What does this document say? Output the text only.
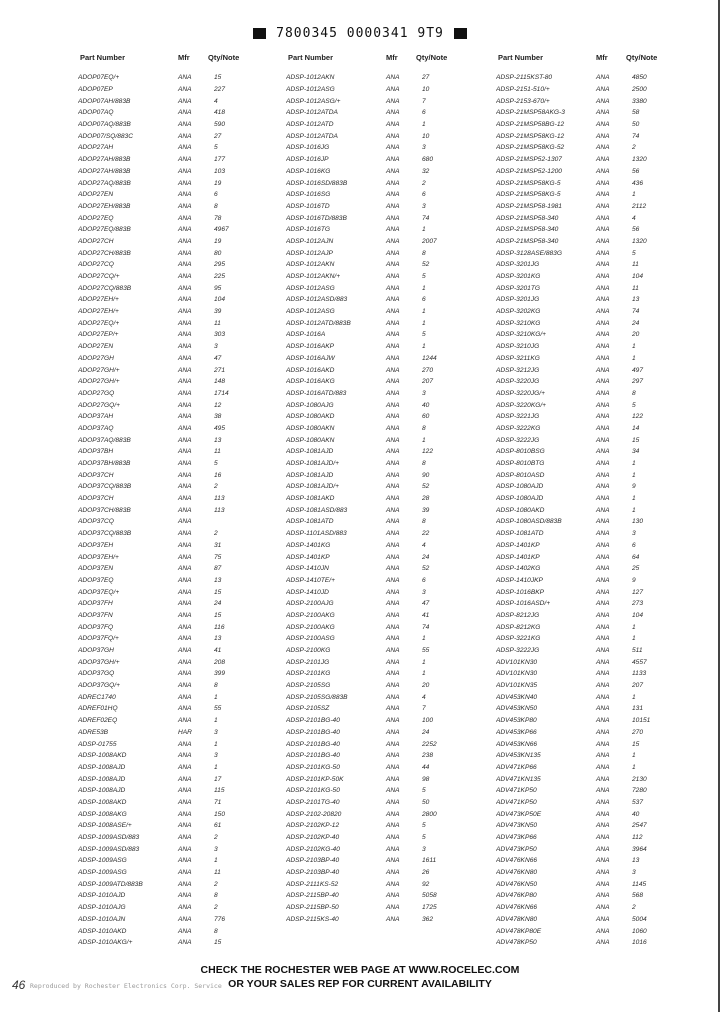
7800345 0000341 9T9
Part Number	Mfr	Qty/Note
ADOP07EQ/+	ANA	15
ADOP07EP	ANA	227
ADOP07AH/883B	ANA	4
ADOP07AQ	ANA	418
ADOP07AQ/883B	ANA	590
ADOP07/SQ/883C	ANA	27
ADOP27AH	ANA	5
ADOP27AH/883B	ANA	177
ADOP27AH/883B	ANA	103
ADOP27AQ/883B	ANA	19
ADOP27EN	ANA	6
ADOP27EH/883B	ANA	8
ADOP27EQ	ANA	78
ADOP27EQ/883B	ANA	4967
ADOP27CH	ANA	19
ADOP27CH/883B	ANA	80
ADOP27CQ	ANA	295
ADOP27CQ/+	ANA	225
ADOP27CQ/883B	ANA	95
ADOP27EH/+	ANA	104
ADOP27EH/+	ANA	39
ADOP27EQ/+	ANA	11
ADOP27EP/+	ANA	303
ADOP27EN	ANA	3
ADOP27GH	ANA	47
ADOP27GH/+	ANA	271
ADOP27GH/+	ANA	148
ADOP27GQ	ANA	1714
ADOP27GQ/+	ANA	12
ADOP37AH	ANA	38
ADOP37AQ	ANA	495
ADOP37AQ/883B	ANA	13
ADOP37BH	ANA	11
ADOP37BH/883B	ANA	5
ADOP37CH	ANA	16
ADOP37CQ/883B	ANA	2
ADOP37CH	ANA	113
ADOP37CH/883B	ANA	113
ADOP37CQ	ANA
ADOP37CQ/883B	ANA	2
ADOP37EH	ANA	31
ADOP37EH/+	ANA	75
ADOP37EN	ANA	87
ADOP37EQ	ANA	13
ADOP37EQ/+	ANA	15
ADOP37FH	ANA	24
ADOP37FN	ANA	15
ADOP37FQ	ANA	116
ADOP37FQ/+	ANA	13
ADOP37GH	ANA	41
ADOP37GH/+	ANA	208
ADOP37GQ	ANA	399
ADOP37GQ/+	ANA	8
ADREC1740	ANA	1
ADREF01HQ	ANA	55
ADREF02EQ	ANA	1
ADRE53B	HAR	3
ADSP-01755	ANA	1
ADSP-1008AKD	ANA	3
ADSP-1008AJD	ANA	1
ADSP-1008AJD	ANA	17
ADSP-1008AJD	ANA	115
ADSP-1008AKD	ANA	71
ADSP-1008AKG	ANA	150
ADSP-1008ASE/+	ANA	61
ADSP-1009ASD/883	ANA	2
ADSP-1009ASD/883	ANA	3
ADSP-1009ASG	ANA	1
ADSP-1009ASG	ANA	11
ADSP-1009ATD/883B	ANA	2
ADSP-1010AJD	ANA	8
ADSP-1010AJG	ANA	2
ADSP-1010AJN	ANA	776
ADSP-1010AKD	ANA	8
ADSP-1010AKG/+	ANA	15
Part Number	Mfr	Qty/Note
ADSP-1012AKN	ANA	27
ADSP-1012ASG	ANA	10
ADSP-1012ASG/+	ANA	7
ADSP-1012ATDA	ANA	6
ADSP-1012ATD	ANA	1
ADSP-1012ATDA	ANA	10
ADSP-1016JG	ANA	3
ADSP-1016JP	ANA	680
ADSP-1016KG	ANA	32
ADSP-1016SD/883B	ANA	2
ADSP-1016SG	ANA	6
ADSP-1016TD	ANA	3
ADSP-1016TD/883B	ANA	74
ADSP-1016TG	ANA	1
ADSP-1012AJN	ANA	2007
ADSP-1012AJP	ANA	8
ADSP-1012AKN	ANA	52
ADSP-1012AKN/+	ANA	5
ADSP-1012ASG	ANA	1
ADSP-1012ASD/883	ANA	6
ADSP-1012ASG	ANA	1
ADSP-1012ATD/883B	ANA	1
ADSP-1016A	ANA	5
ADSP-1016AKP	ANA	1
ADSP-1016AJW	ANA	1244
ADSP-1016AKD	ANA	270
ADSP-1016AKG	ANA	207
ADSP-1016ATD/883	ANA	3
ADSP-1080AJG	ANA	40
ADSP-1080AKD	ANA	60
ADSP-1080AKN	ANA	8
ADSP-1080AKN	ANA	1
ADSP-1081AJD	ANA	122
ADSP-1081AJD/+	ANA	8
ADSP-1081AJD	ANA	90
ADSP-1081AJD/+	ANA	52
ADSP-1081AKD	ANA	28
ADSP-1081ASD/883	ANA	39
ADSP-1081ATD	ANA	8
ADSP-1101ASD/883	ANA	22
ADSP-1401KG	ANA	4
ADSP-1401KP	ANA	24
ADSP-1410JN	ANA	52
ADSP-1410TE/+	ANA	6
ADSP-1410JD	ANA	3
ADSP-2100AJG	ANA	47
ADSP-2100AKG	ANA	41
ADSP-2100AKG	ANA	74
ADSP-2100ASG	ANA	1
ADSP-2100KG	ANA	55
ADSP-2101JG	ANA	1
ADSP-2101KG	ANA	1
ADSP-2105SG	ANA	20
ADSP-2105SG/883B	ANA	4
ADSP-2105SZ	ANA	7
ADSP-2101BG-40	ANA	100
ADSP-2101BG-40	ANA	24
ADSP-2101BG-40	ANA	2252
ADSP-2101BG-40	ANA	238
ADSP-2101KG-50	ANA	44
ADSP-2101KP-50K	ANA	98
ADSP-2101KG-50	ANA	5
ADSP-2101TG-40	ANA	50
ADSP-2102-20820	ANA	2800
ADSP-2102KP-12	ANA	5
ADSP-2102KP-40	ANA	5
ADSP-2102KG-40	ANA	3
ADSP-2103BP-40	ANA	1611
ADSP-2103BP-40	ANA	26
ADSP-2111KS-52	ANA	92
ADSP-2115BP-40	ANA	5058
ADSP-2115BP-50	ANA	1725
ADSP-2115KS-40	ANA	362
Part Number	Mfr	Qty/Note
ADSP-2115KST-80	ANA	4850
ADSP-2151-510/+	ANA	2500
ADSP-2153-670/+	ANA	3380
ADSP-21MSP58AKG-3	ANA	58
ADSP-21MSP58BG-12	ANA	50
ADSP-21MSP58KG-12	ANA	74
ADSP-21MSP58KG-52	ANA	2
ADSP-21MSP52-1307	ANA	1320
ADSP-21MSP52-1200	ANA	56
ADSP-21MSP58KG-5	ANA	436
ADSP-21MSP58KG-5	ANA	1
ADSP-21MSP58-1981	ANA	2112
ADSP-21MSP58-340	ANA	4
ADSP-21MSP58-340	ANA	56
ADSP-21MSP58-340	ANA	1320
ADSP-3128ASE/883G	ANA	5
ADSP-3201JG	ANA	11
ADSP-3201KG	ANA	104
ADSP-3201TG	ANA	11
ADSP-3201JG	ANA	13
ADSP-3202KG	ANA	74
ADSP-3210KG	ANA	24
ADSP-3210KG/+	ANA	20
ADSP-3210JG	ANA	1
ADSP-3211KG	ANA	1
ADSP-3212JG	ANA	497
ADSP-3220JG	ANA	297
ADSP-3220JG/+	ANA	8
ADSP-3220KG/+	ANA	5
ADSP-3221JG	ANA	122
ADSP-3222KG	ANA	14
ADSP-3222JG	ANA	15
ADSP-8010BSG	ANA	34
ADSP-8010BTG	ANA	1
ADSP-8010ASD	ANA	1
ADSP-1080AJD	ANA	9
ADSP-1080AJD	ANA	1
ADSP-1080AKD	ANA	1
ADSP-1080ASD/883B	ANA	130
ADSP-1081ATD	ANA	3
ADSP-1401KP	ANA	6
ADSP-1401KP	ANA	64
ADSP-1402KG	ANA	25
ADSP-1410JKP	ANA	9
ADSP-1016BKP	ANA	127
ADSP-1016ASD/+	ANA	273
ADSP-8212JG	ANA	104
ADSP-8212KG	ANA	1
ADSP-3221KG	ANA	1
ADSP-3222JG	ANA	511
ADV101KN30	ANA	4557
ADV101KN30	ANA	1133
ADV101KN35	ANA	207
ADV453KN40	ANA	1
ADV453KN50	ANA	131
ADV453KP80	ANA	10151
ADV453KP66	ANA	270
ADV453KN66	ANA	15
ADV453KN135	ANA	1
ADV471KP66	ANA	1
ADV471KN135	ANA	2130
ADV471KP50	ANA	7280
ADV471KP50	ANA	537
ADV473KP50E	ANA	40
ADV473KN50	ANA	2547
ADV473KP66	ANA	112
ADV473KP50	ANA	3964
ADV476KN66	ANA	13
ADV476KN80	ANA	3
ADV476KN50	ANA	1145
ADV476KP80	ANA	568
ADV476KN66	ANA	2
ADV478KN80	ANA	5004
ADV478KP80E	ANA	1060
ADV478KP50	ANA	1016
CHECK THE ROCHESTER WEB PAGE AT WWW.ROCELEC.COM
OR YOUR SALES REP FOR CURRENT AVAILABILITY
46 Reproduced by Rochester Electronics Corp. Service
